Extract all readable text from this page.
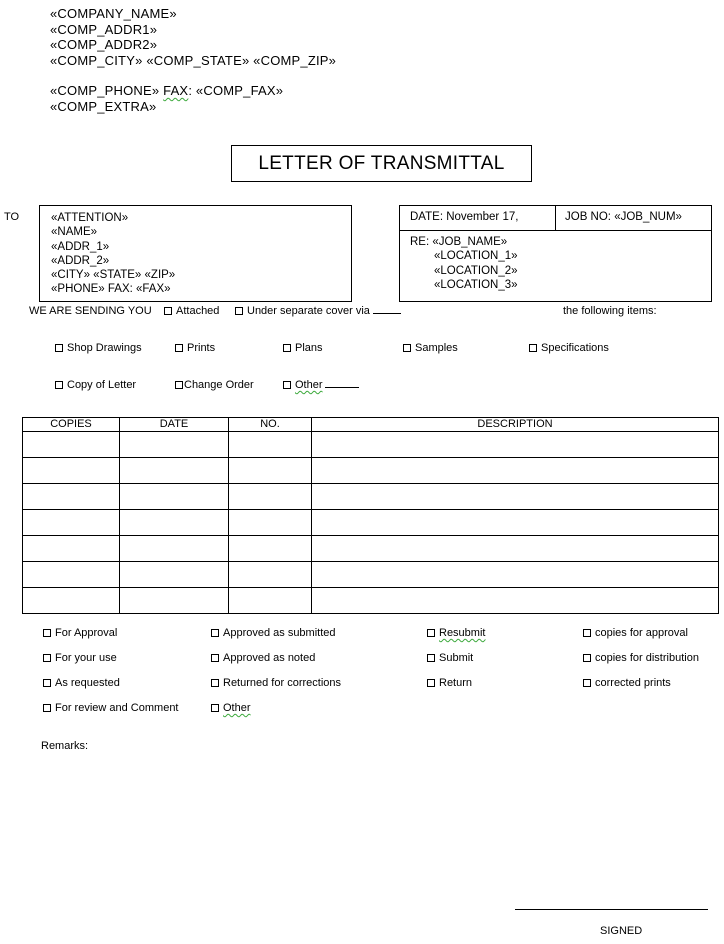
«COMPANY_NAME»
«COMP_ADDR1»
«COMP_ADDR2»
«COMP_CITY» «COMP_STATE» «COMP_ZIP»
«COMP_PHONE» FAX: «COMP_FAX»
«COMP_EXTRA»
LETTER OF TRANSMITTAL
TO	«ATTENTION»
«NAME»
«ADDR_1»
«ADDR_2»
«CITY» «STATE» «ZIP»
«PHONE» FAX: «FAX»
DATE: November 17,	JOB NO: «JOB_NUM»
RE: «JOB_NAME»
«LOCATION_1»
«LOCATION_2»
«LOCATION_3»
WE ARE SENDING YOU	Attached	Under separate cover via	the following items:
Shop Drawings	Prints	Plans	Samples	Specifications
Copy of Letter	Change Order	Other
COPIES	DATE	NO.	DESCRIPTION

For Approval
For your use
As requested
For review and Comment
Approved as submitted
Approved as noted
Returned for corrections
Other
Resubmit
Submit
Return
copies for approval
copies for distribution
corrected prints
Remarks:
SIGNED
